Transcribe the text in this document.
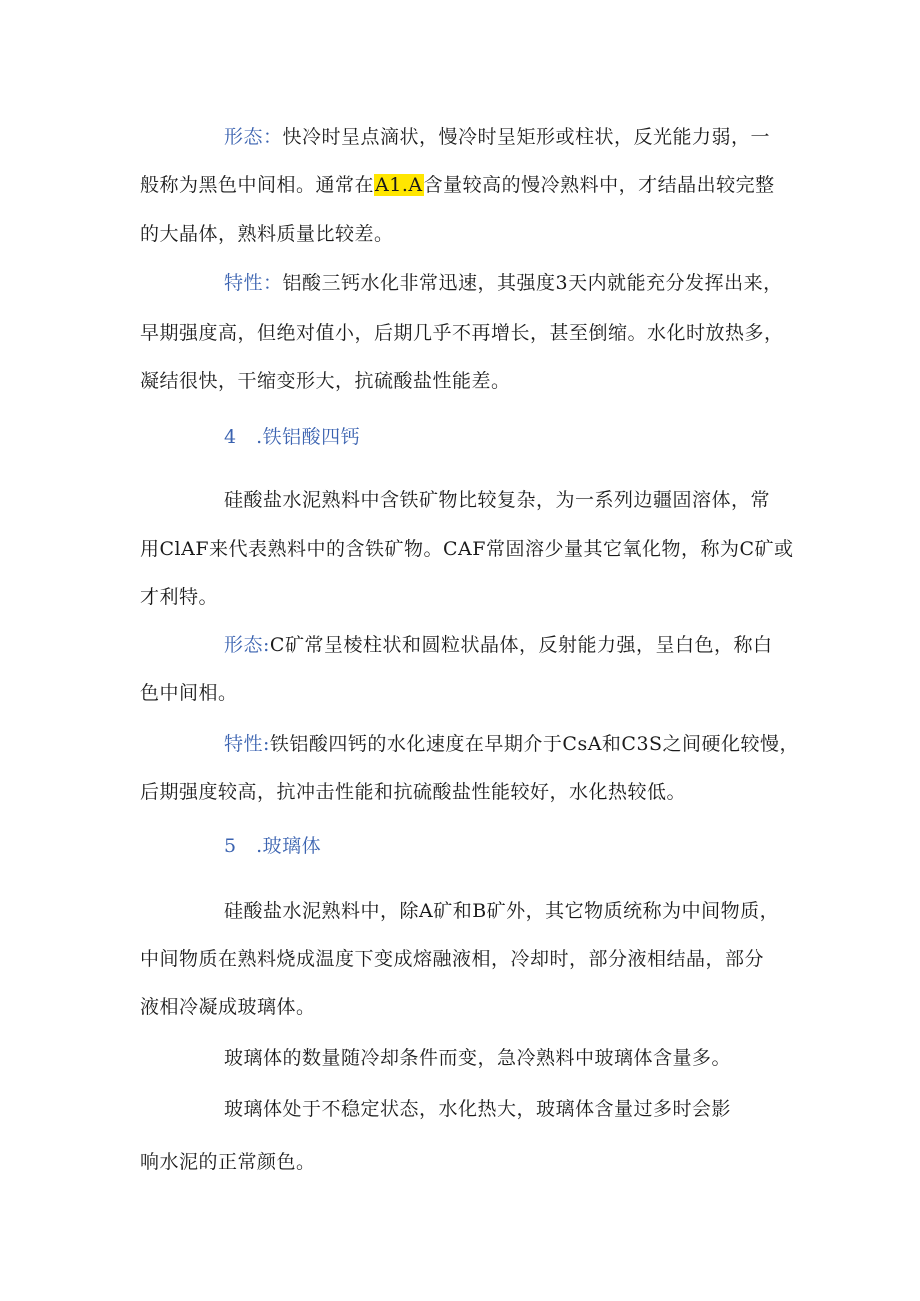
形态：快冷时呈点滴状，慢冷时呈矩形或柱状，反光能力弱，一
般称为黑色中间相。通常在A1.A含量较高的慢冷熟料中，才结晶出较完整
的大晶体，熟料质量比较差。
特性：铝酸三钙水化非常迅速，其强度3天内就能充分发挥出来，
早期强度高，但绝对值小，后期几乎不再增长，甚至倒缩。水化时放热多，
凝结很快，干缩变形大，抗硫酸盐性能差。
4　.铁铝酸四钙
硅酸盐水泥熟料中含铁矿物比较复杂，为一系列边疆固溶体，常
用ClAF来代表熟料中的含铁矿物。CAF常固溶少量其它氧化物，称为C矿或
才利特。
形态:C矿常呈棱柱状和圆粒状晶体，反射能力强，呈白色，称白
色中间相。
特性:铁铝酸四钙的水化速度在早期介于CsA和C3S之间硬化较慢，
后期强度较高，抗冲击性能和抗硫酸盐性能较好，水化热较低。
5　.玻璃体
硅酸盐水泥熟料中，除A矿和B矿外，其它物质统称为中间物质，
中间物质在熟料烧成温度下变成熔融液相，冷却时，部分液相结晶，部分
液相冷凝成玻璃体。
玻璃体的数量随冷却条件而变，急冷熟料中玻璃体含量多。
玻璃体处于不稳定状态，水化热大，玻璃体含量过多时会影
响水泥的正常颜色。
